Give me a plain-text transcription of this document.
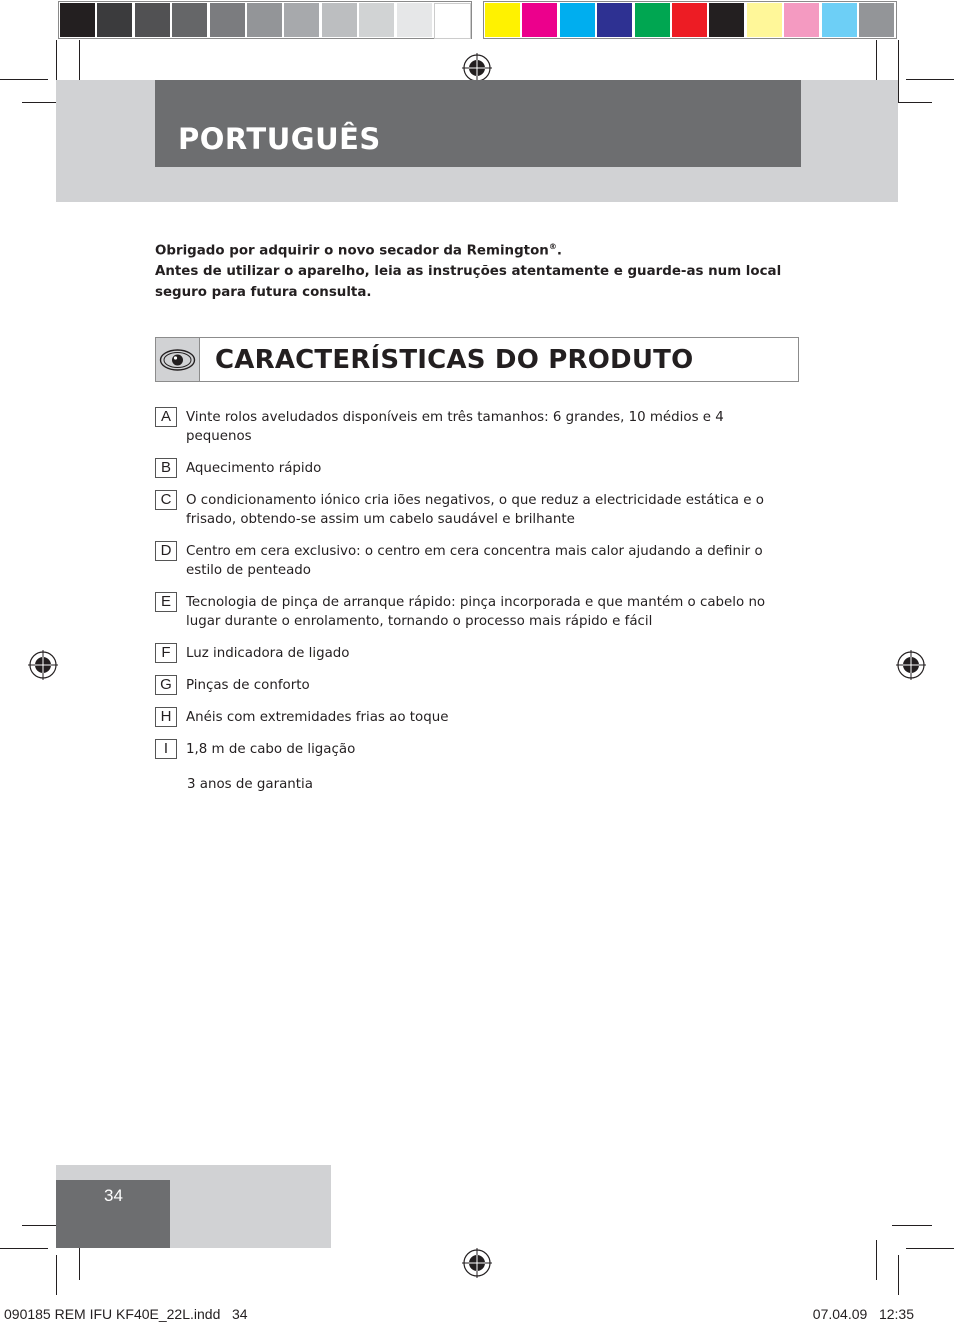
PORTUGUÊS

Obrigado por adquirir o novo secador da Remington®.

Antes de utilizar o aparelho, leia as instruções atentamente e guarde-as num local seguro para futura consulta.

CARACTERÍSTICAS DO PRODUTO
A	Vinte rolos aveludados disponíveis em três tamanhos: 6 grandes, 10 médios e 4 pequenos
B	Aquecimento rápido
C	O condicionamento iónico cria iões negativos, o que reduz a electricidade estática e o frisado, obtendo-se assim um cabelo saudável e brilhante
D	Centro em cera exclusivo: o centro em cera concentra mais calor ajudando a definir o estilo de penteado
E	Tecnologia de pinça de arranque rápido: pinça incorporada e que mantém o cabelo no lugar durante o enrolamento, tornando o processo mais rápido e fácil
F	Luz indicadora de ligado
G	Pinças de conforto
H	Anéis com extremidades frias ao toque
I	1,8 m de cabo de ligação
3 anos de garantia
34
090185 REM IFU KF40E_22L.indd   34	07.04.09   12:35
